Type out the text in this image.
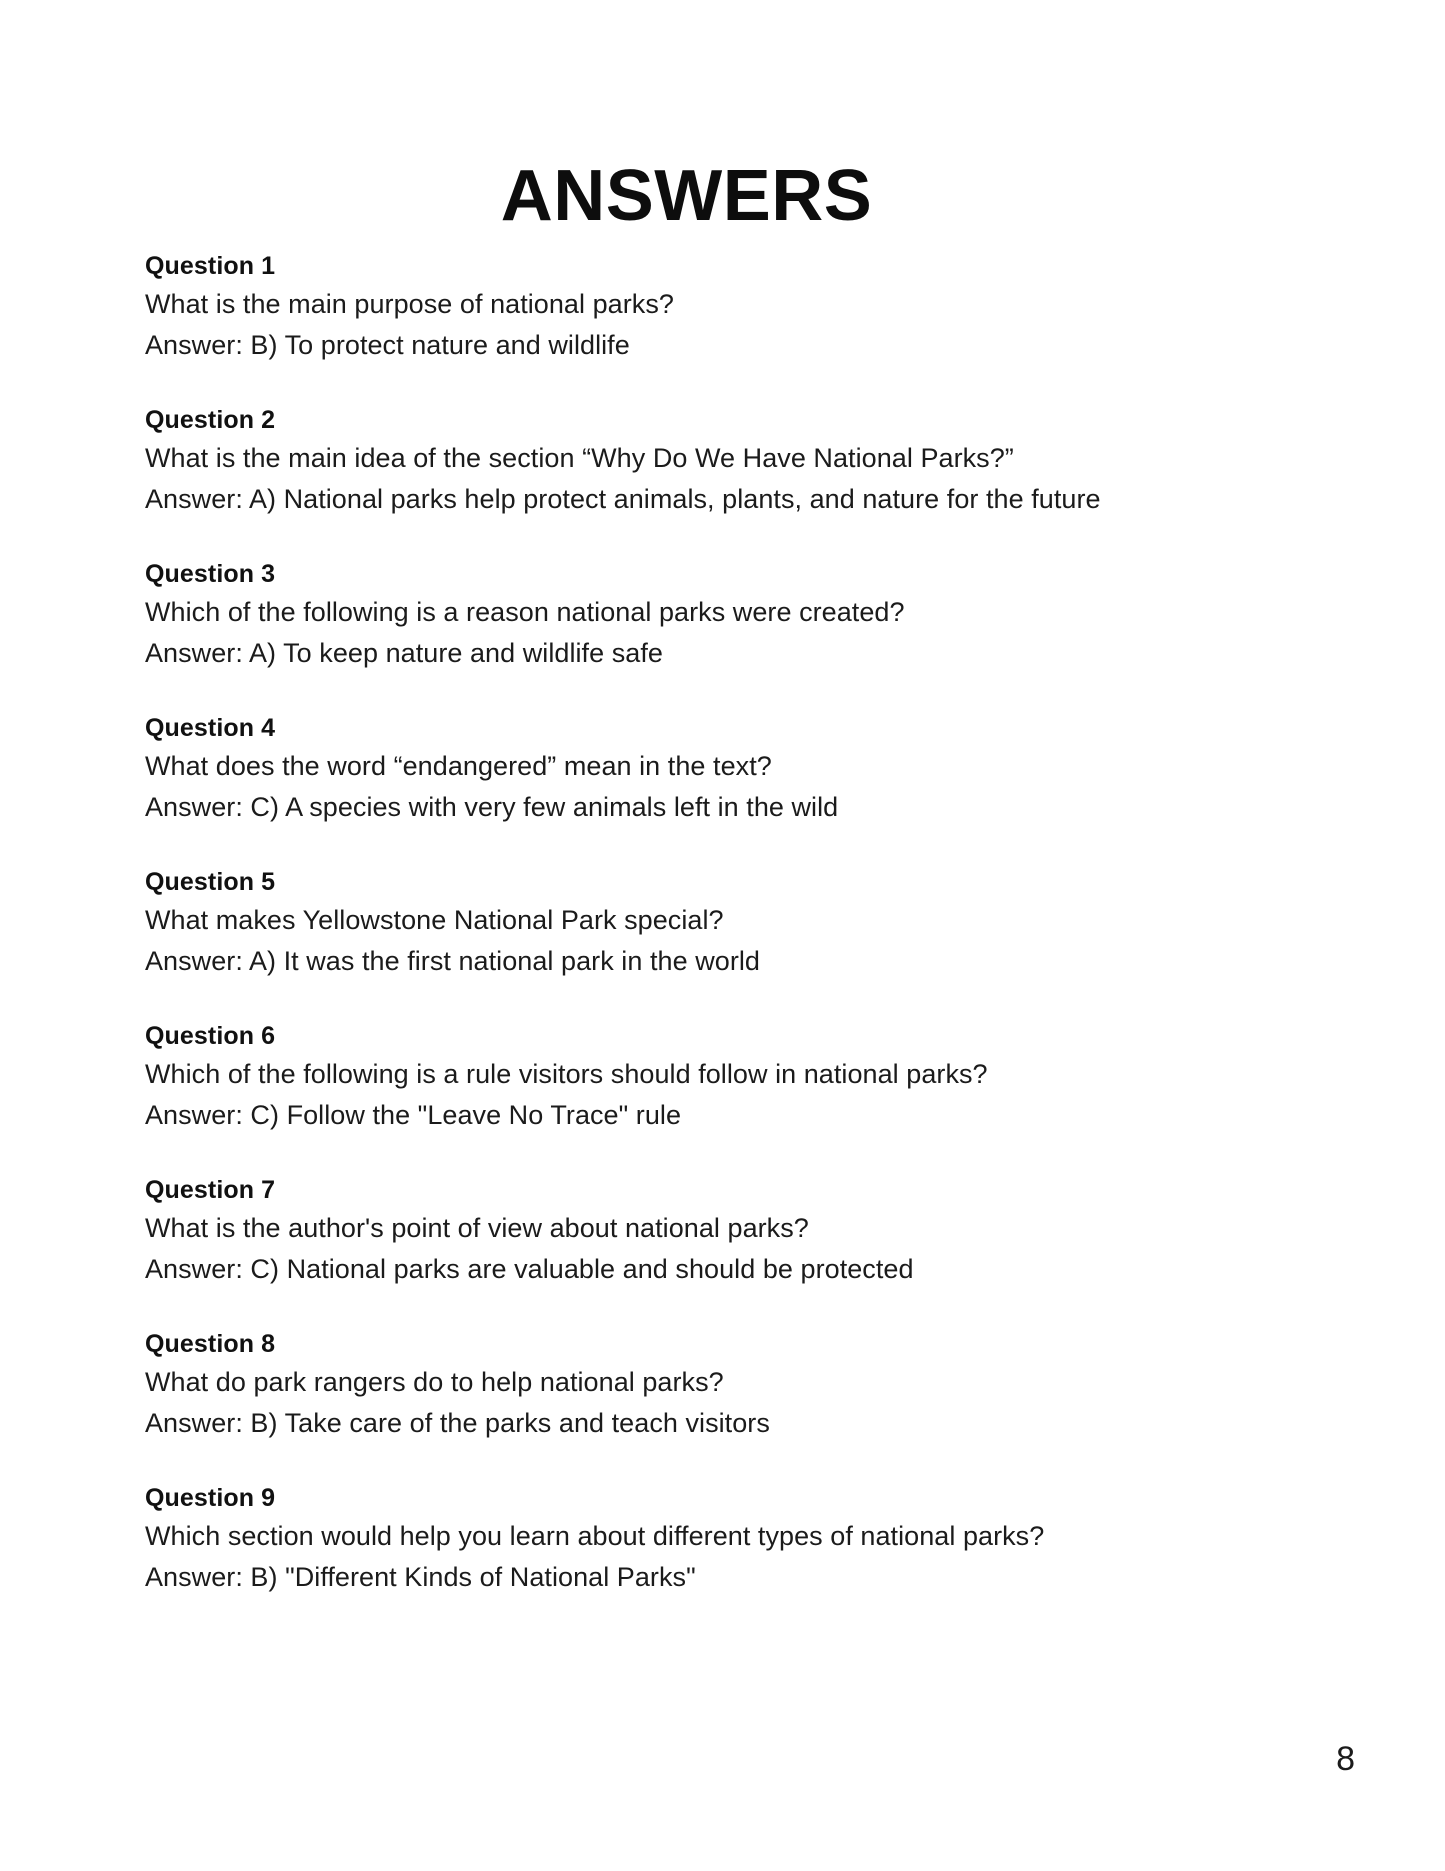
ANSWERS
Question 1
What is the main purpose of national parks?
Answer: B) To protect nature and wildlife
Question 2
What is the main idea of the section “Why Do We Have National Parks?”
Answer: A) National parks help protect animals, plants, and nature for the future
Question 3
Which of the following is a reason national parks were created?
Answer: A) To keep nature and wildlife safe
Question 4
What does the word “endangered” mean in the text?
Answer: C) A species with very few animals left in the wild
Question 5
What makes Yellowstone National Park special?
Answer: A) It was the first national park in the world
Question 6
Which of the following is a rule visitors should follow in national parks?
Answer: C) Follow the "Leave No Trace" rule
Question 7
What is the author's point of view about national parks?
Answer: C) National parks are valuable and should be protected
Question 8
What do park rangers do to help national parks?
Answer: B) Take care of the parks and teach visitors
Question 9
Which section would help you learn about different types of national parks?
Answer: B) "Different Kinds of National Parks"
8
